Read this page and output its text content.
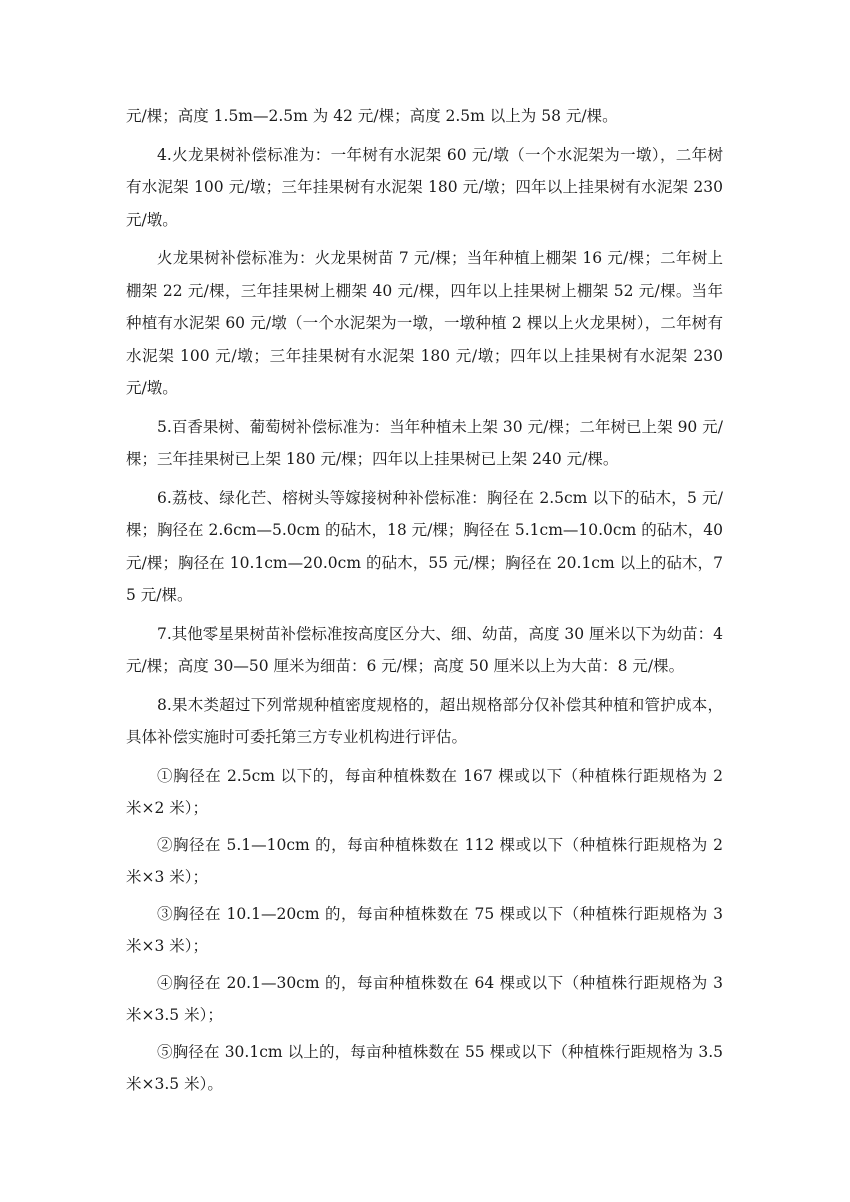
元/棵；高度 1.5m—2.5m 为 42 元/棵；高度 2.5m 以上为 58 元/棵。

4.火龙果树补偿标准为：一年树有水泥架 60 元/墩（一个水泥架为一墩），二年树有水泥架 100 元/墩；三年挂果树有水泥架 180 元/墩；四年以上挂果树有水泥架 230 元/墩。

火龙果树补偿标准为：火龙果树苗 7 元/棵；当年种植上棚架 16 元/棵；二年树上棚架 22 元/棵，三年挂果树上棚架 40 元/棵，四年以上挂果树上棚架 52 元/棵。当年种植有水泥架 60 元/墩（一个水泥架为一墩，一墩种植 2 棵以上火龙果树），二年树有水泥架 100 元/墩；三年挂果树有水泥架 180 元/墩；四年以上挂果树有水泥架 230 元/墩。

5.百香果树、葡萄树补偿标准为：当年种植未上架 30 元/棵；二年树已上架 90 元/棵；三年挂果树已上架 180 元/棵；四年以上挂果树已上架 240 元/棵。

6.荔枝、绿化芒、榕树头等嫁接树种补偿标准：胸径在 2.5cm 以下的砧木，5 元/棵；胸径在 2.6cm—5.0cm 的砧木，18 元/棵；胸径在 5.1cm—10.0cm 的砧木，40 元/棵；胸径在 10.1cm—20.0cm 的砧木，55 元/棵；胸径在 20.1cm 以上的砧木，75 元/棵。

7.其他零星果树苗补偿标准按高度区分大、细、幼苗，高度 30 厘米以下为幼苗：4 元/棵；高度 30—50 厘米为细苗：6 元/棵；高度 50 厘米以上为大苗：8 元/棵。

8.果木类超过下列常规种植密度规格的，超出规格部分仅补偿其种植和管护成本，具体补偿实施时可委托第三方专业机构进行评估。

①胸径在 2.5cm 以下的，每亩种植株数在 167 棵或以下（种植株行距规格为 2 米×2 米）；

②胸径在 5.1—10cm 的，每亩种植株数在 112 棵或以下（种植株行距规格为 2 米×3 米）；

③胸径在 10.1—20cm 的，每亩种植株数在 75 棵或以下（种植株行距规格为 3 米×3 米）；

④胸径在 20.1—30cm 的，每亩种植株数在 64 棵或以下（种植株行距规格为 3 米×3.5 米）；

⑤胸径在 30.1cm 以上的，每亩种植株数在 55 棵或以下（种植株行距规格为 3.5 米×3.5 米）。
